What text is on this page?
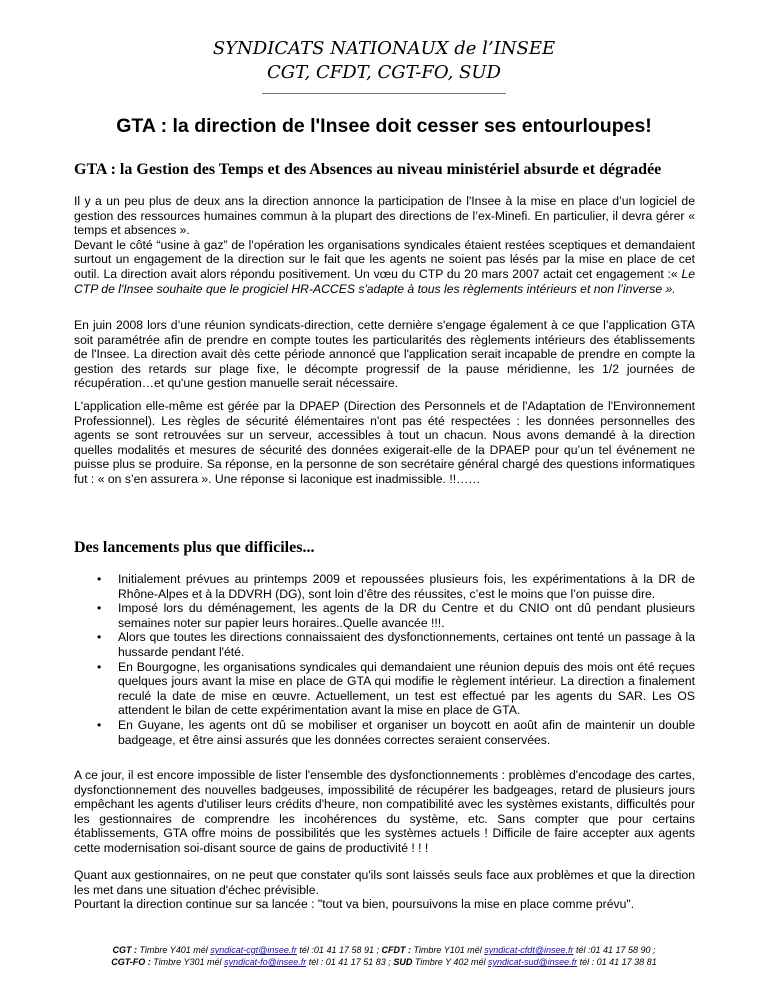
SYNDICATS NATIONAUX de l’INSEE
CGT, CFDT, CGT-FO, SUD
GTA : la direction de l'Insee doit cesser ses entourloupes!
GTA : la Gestion des Temps et des Absences au niveau ministériel absurde et dégradée

Il y a un peu plus de deux ans la direction annonce la participation de l'Insee à la mise en place d’un logiciel de gestion des ressources humaines commun à la plupart des directions de l’ex-Minefi. En particulier, il devra gérer « temps et absences ».

Devant le côté “usine à gaz” de l'opération les organisations syndicales étaient restées sceptiques et demandaient surtout un engagement de la direction sur le fait que les agents ne soient pas lésés par la mise en place de cet outil. La direction avait alors répondu positivement. Un vœu du CTP du 20 mars 2007 actait cet engagement :« Le CTP de l'Insee souhaite que le progiciel HR-ACCES s'adapte à tous les règlements intérieurs et non l’inverse ».

En juin 2008 lors d’une réunion syndicats-direction, cette dernière s'engage également à ce que l’application GTA soit paramétrée afin de prendre en compte toutes les particularités des règlements intérieurs des établissements de l'Insee. La direction avait dès cette période annoncé que l'application serait incapable de prendre en compte la gestion des retards sur plage fixe, le décompte progressif de la pause méridienne, les 1/2 journées de récupération…et qu'une gestion manuelle serait nécessaire.
L'application elle-même est gérée par la DPAEP (Direction des Personnels et de l'Adaptation de l'Environnement Professionnel). Les règles de sécurité élémentaires n'ont pas été respectées : les données personnelles des agents se sont retrouvées sur un serveur, accessibles à tout un chacun. Nous avons demandé à la direction quelles modalités et mesures de sécurité des données exigerait-elle de la DPAEP pour qu’un tel événement ne puisse plus se produire. Sa réponse, en la personne de son secrétaire général chargé des questions informatiques fut : « on s’en assurera ». Une réponse si laconique est inadmissible. !!……
Des lancements plus que difficiles...
• Initialement prévues au printemps 2009 et repoussées plusieurs fois, les expérimentations à la DR de Rhône-Alpes et à la DDVRH (DG), sont loin d’être des réussites, c’est le moins que l’on puisse dire.
• Imposé lors du déménagement, les agents de la DR du Centre et du CNIO ont dû pendant plusieurs semaines noter sur papier leurs horaires..Quelle avancée !!!.
• Alors que toutes les directions connaissaient des dysfonctionnements, certaines ont tenté un passage à la hussarde pendant l'été.
• En Bourgogne, les organisations syndicales qui demandaient une réunion depuis des mois ont été reçues quelques jours avant la mise en place de GTA qui modifie le règlement intérieur. La direction a finalement reculé la date de mise en œuvre. Actuellement, un test est effectué par les agents du SAR. Les OS attendent le bilan de cette expérimentation avant la mise en place de GTA.
• En Guyane, les agents ont dû se mobiliser et organiser un boycott en août afin de maintenir un double badgeage, et être ainsi assurés que les données correctes seraient conservées.
A ce jour, il est encore impossible de lister l'ensemble des dysfonctionnements : problèmes d'encodage des cartes, dysfonctionnement des nouvelles badgeuses, impossibilité de récupérer les badgeages, retard de plusieurs jours empêchant les agents d'utiliser leurs crédits d'heure, non compatibilité avec les systèmes existants, difficultés pour les gestionnaires de comprendre les incohérences du système, etc. Sans compter que pour certains établissements, GTA offre moins de possibilités que les systèmes actuels ! Difficile de faire accepter aux agents cette modernisation soi-disant source de gains de productivité ! ! !

Quant aux gestionnaires, on ne peut que constater qu'ils sont laissés seuls face aux problèmes et que la direction les met dans une situation d'échec prévisible.

Pourtant la direction continue sur sa lancée : "tout va bien, poursuivons la mise en place comme prévu".

CGT : Timbre Y401 mél syndicat-cgt@insee.fr tél :01 41 17 58 91 ; CFDT : Timbre Y101 mél syndicat-cfdt@insee.fr tél :01 41 17 58 90 ;
CGT-FO : Timbre Y301 mél syndicat-fo@insee.fr tél : 01 41 17 51 83 ; SUD Timbre Y 402 mél syndicat-sud@insee.fr tél : 01 41 17 38 81
